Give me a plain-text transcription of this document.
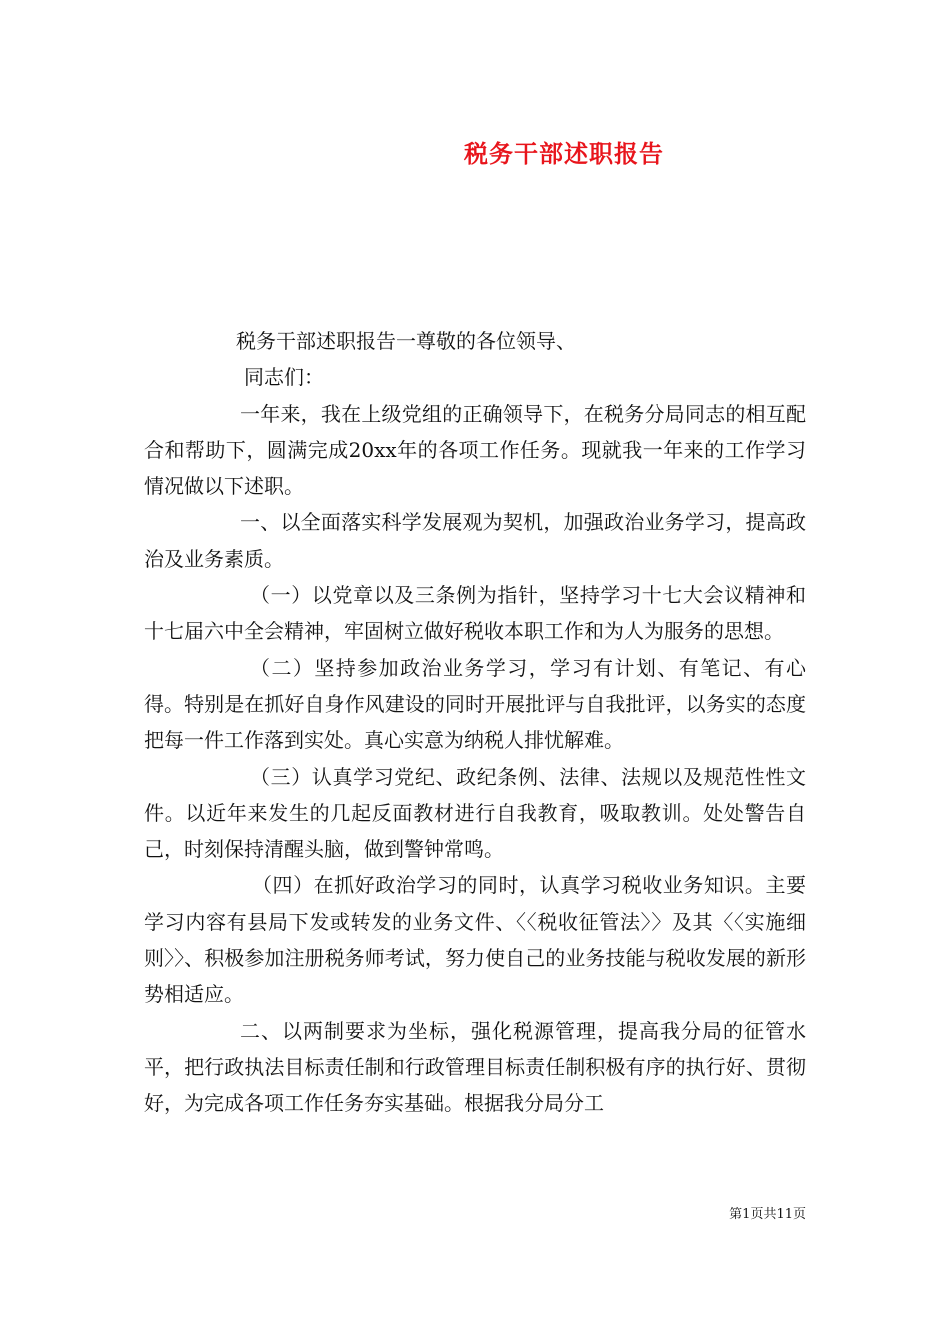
税务干部述职报告

税务干部述职报告一尊敬的各位领导、

同志们：

一年来，我在上级党组的正确领导下，在税务分局同志的相互配合和帮助下，圆满完成20xx年的各项工作任务。现就我一年来的工作学习情况做以下述职。

一、以全面落实科学发展观为契机，加强政治业务学习，提高政治及业务素质。

（一）以党章以及三条例为指针，坚持学习十七大会议精神和十七届六中全会精神，牢固树立做好税收本职工作和为人为服务的思想。

（二）坚持参加政治业务学习，学习有计划、有笔记、有心得。特别是在抓好自身作风建设的同时开展批评与自我批评，以务实的态度把每一件工作落到实处。真心实意为纳税人排忧解难。

（三）认真学习党纪、政纪条例、法律、法规以及规范性性文件。以近年来发生的几起反面教材进行自我教育，吸取教训。处处警告自己，时刻保持清醒头脑，做到警钟常鸣。

（四）在抓好政治学习的同时，认真学习税收业务知识。主要学习内容有县局下发或转发的业务文件、〈〈税收征管法〉〉及其〈〈实施细则〉〉、积极参加注册税务师考试，努力使自己的业务技能与税收发展的新形势相适应。

二、以两制要求为坐标，强化税源管理，提高我分局的征管水平，把行政执法目标责任制和行政管理目标责任制积极有序的执行好、贯彻好，为完成各项工作任务夯实基础。根据我分局分工

第1页共11页
